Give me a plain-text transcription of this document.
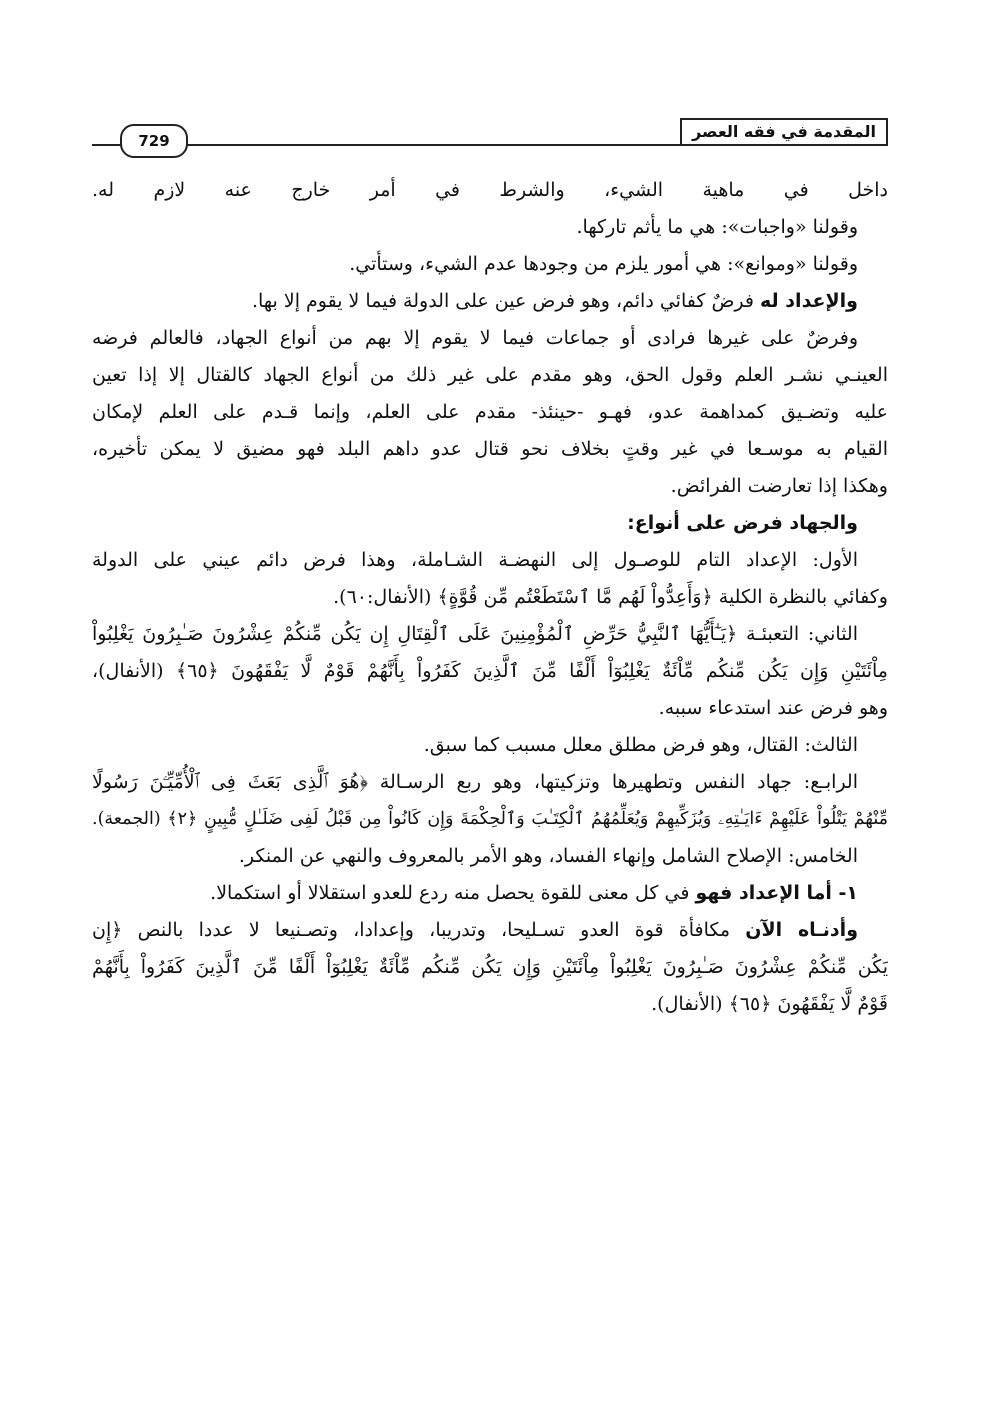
المقدمة في فقه العصر
729
داخل في ماهية الشيء، والشرط في أمر خارج عنه لازم له.
وقولنا «واجبات»: هي ما يأثم تاركها.
وقولنا «وموانع»: هي أمور يلزم من وجودها عدم الشيء، وستأتي.
والإعداد له فرضٌ كفائي دائم، وهو فرض عين على الدولة فيما لا يقوم إلا بها.
وفرضٌ على غيرها فرادى أو جماعات فيما لا يقوم إلا بهم من أنواع الجهاد، فالعالم فرضه
العينـي نشـر العلم وقول الحق، وهو مقدم على غير ذلك من أنواع الجهاد كالقتال إلا إذا تعين
عليه وتضـيق كمداهمة عدو، فهـو -حينئذ- مقدم على العلم، وإنما قـدم على العلم لإمكان
القيام به موسـعا في غير وقتٍ بخلاف نحو قتال عدو داهم البلد فهو مضيق لا يمكن تأخيره،
وهكذا إذا تعارضت الفرائض.
والجهاد فرض على أنواع:
الأول: الإعداد التام للوصـول إلى النهضـة الشـاملة، وهذا فرض دائم عيني على الدولة
وكفائي بالنظرة الكلية ﴿وَأَعِدُّواْ لَهُم مَّا ٱسْتَطَعْتُم مِّن قُوَّةٍ﴾ (الأنفال:٦٠).
الثاني: التعبئـة ﴿يَـٰٓأَيُّهَا ٱلنَّبِيُّ حَرِّضِ ٱلْمُؤْمِنِينَ عَلَى ٱلْقِتَالِ إِن يَكُن مِّنكُمْ عِشْرُونَ صَـٰبِرُونَ يَغْلِبُواْ
مِاْئَتَيْنِ وَإِن يَكُن مِّنكُم مِّاْئَةٌ يَغْلِبُوٓاْ أَلْفًا مِّنَ ٱلَّذِينَ كَفَرُواْ بِأَنَّهُمْ قَوْمٌ لَّا يَفْقَهُونَ ﴿٦٥﴾ (الأنفال)،
وهو فرض عند استدعاء سببه.
الثالث: القتال، وهو فرض مطلق معلل مسبب كما سبق.
الرابـع: جهاد النفس وتطهيرها وتزكيتها، وهو ربع الرسـالة ﴿هُوَ ٱلَّذِى بَعَثَ فِى ٱلْأُمِّيِّـۧنَ رَسُولًا
مِّنْهُمْ يَتْلُواْ عَلَيْهِمْ ءَايَـٰتِهِۦ وَيُزَكِّيهِمْ وَيُعَلِّمُهُمُ ٱلْكِتَـٰبَ وَٱلْحِكْمَةَ وَإِن كَانُواْ مِن قَبْلُ لَفِى ضَلَـٰلٍ مُّبِينٍ ﴿٢﴾ (الجمعة).
الخامس: الإصلاح الشامل وإنهاء الفساد، وهو الأمر بالمعروف والنهي عن المنكر.
١- أما الإعداد فهو في كل معنى للقوة يحصل منه ردع للعدو استقلالا أو استكمالا.
وأدنـاه الآن مكافأة قوة العدو تسـليحا، وتدريبا، وإعدادا، وتصـنيعا لا عددا بالنص ﴿إِن
يَكُن مِّنكُمْ عِشْرُونَ صَـٰبِرُونَ يَغْلِبُواْ مِاْئَتَيْنِ وَإِن يَكُن مِّنكُم مِّاْئَةٌ يَغْلِبُوٓاْ أَلْفًا مِّنَ ٱلَّذِينَ كَفَرُواْ بِأَنَّهُمْ
قَوْمٌ لَّا يَفْقَهُونَ ﴿٦٥﴾ (الأنفال).
